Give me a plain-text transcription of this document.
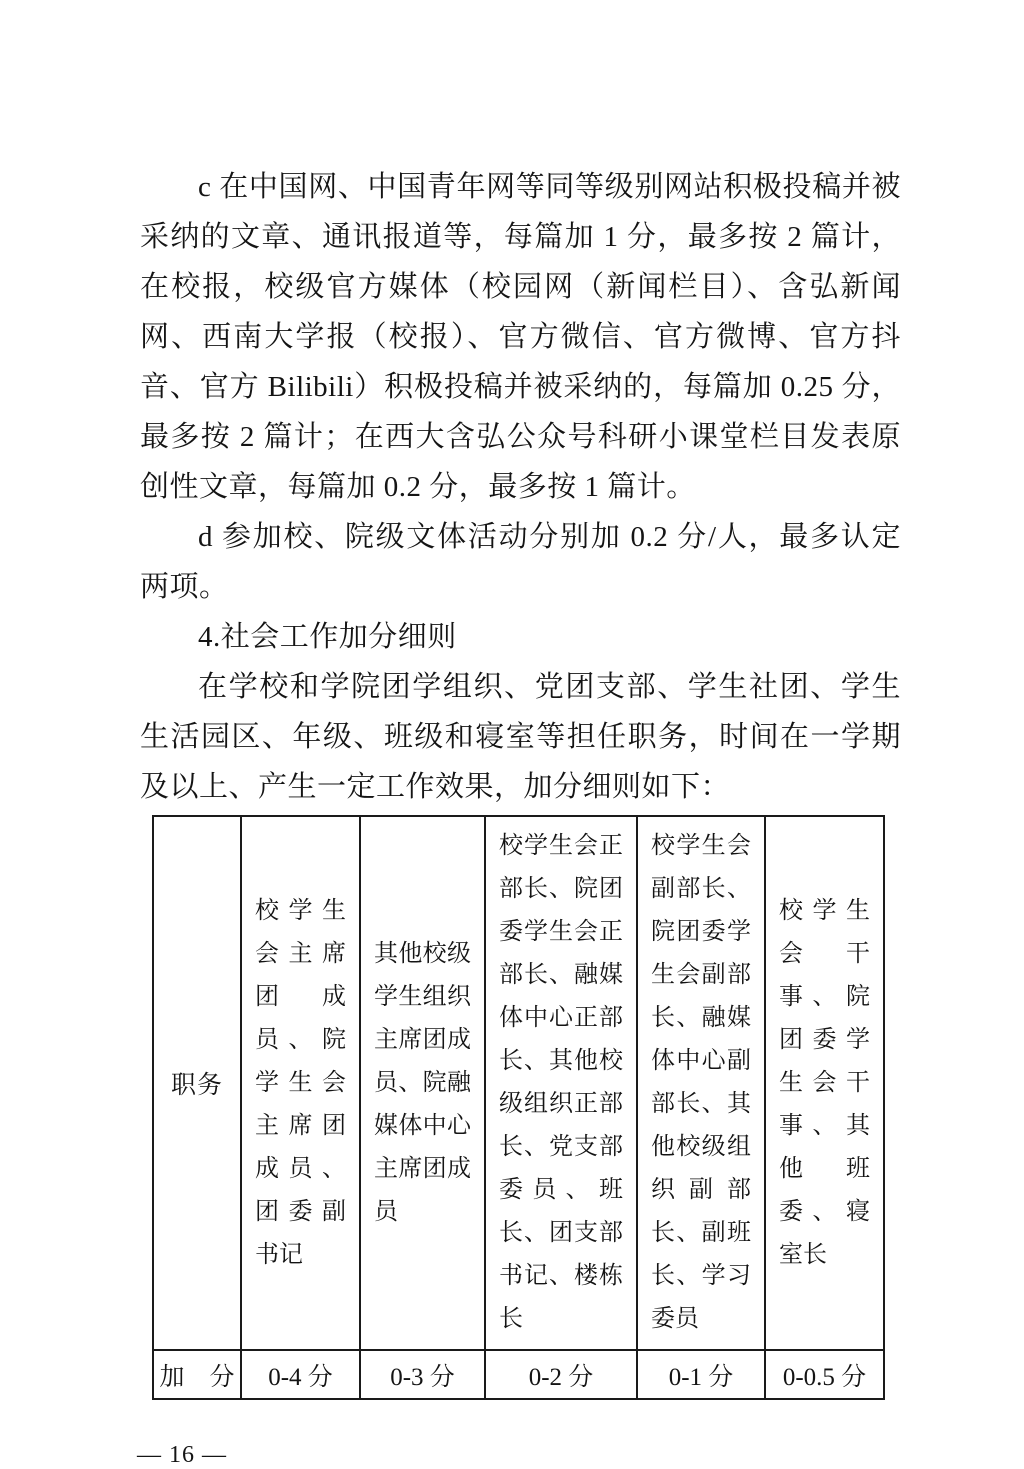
c 在中国网、中国青年网等同等级别网站积极投稿并被采纳的文章、通讯报道等，每篇加 1 分，最多按 2 篇计，在校报，校级官方媒体（校园网（新闻栏目）、含弘新闻网、西南大学报（校报）、官方微信、官方微博、官方抖音、官方 Bilibili）积极投稿并被采纳的，每篇加 0.25 分，最多按 2 篇计；在西大含弘公众号科研小课堂栏目发表原创性文章，每篇加 0.2 分，最多按 1 篇计。

d 参加校、院级文体活动分别加 0.2 分/人，最多认定两项。

4.社会工作加分细则

在学校和学院团学组织、党团支部、学生社团、学生生活园区、年级、班级和寝室等担任职务，时间在一学期及以上、产生一定工作效果，加分细则如下：

职务	校学生会主席团成员、院学生会主席团成员、团委副书记	其他校级学生组织主席团成员、院融媒体中心主席团成员	校学生会正部长、院团委学生会正部长、融媒体中心正部长、其他校级组织正部长、党支部委员、班长、团支部书记、楼栋长	校学生会副部长、院团委学生会副部长、融媒体中心副部长、其他校级组织副部长、副班长、学习委员	校学生会干事、院团委学生会干事、其他班委、寝室长
加　分	0-4 分	0-3 分	0-2 分	0-1 分	0-0.5 分
— 16 —
